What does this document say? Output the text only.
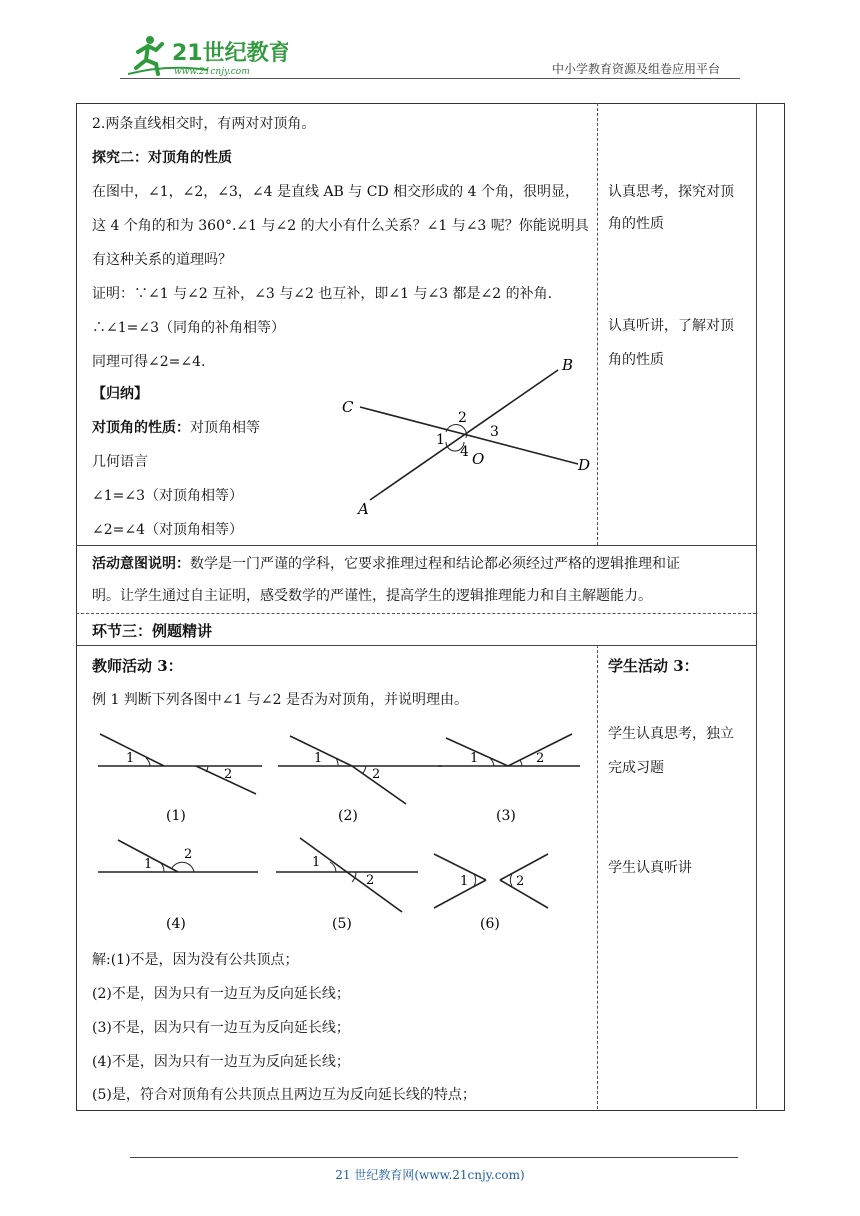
21世纪教育
www.21cnjy.com	中小学教育资源及组卷应用平台
2.两条直线相交时，有两对对顶角。
探究二：对顶角的性质
在图中，∠1，∠2，∠3，∠4 是直线 AB 与 CD 相交形成的 4 个角，很明显，
这 4 个角的和为 360°.∠1 与∠2 的大小有什么关系？∠1 与∠3 呢？你能说明具
有这种关系的道理吗？
证明：∵∠1 与∠2 互补，∠3 与∠2 也互补，即∠1 与∠3 都是∠2 的补角.
∴∠1=∠3（同角的补角相等）
同理可得∠2=∠4.
【归纳】
对顶角的性质：对顶角相等
几何语言
∠1=∠3（对顶角相等）
∠2=∠4（对顶角相等）
A
B
C
D
O
1
2
3
4
认真思考，探究对顶
角的性质
认真听讲，了解对顶
角的性质
活动意图说明：数学是一门严谨的学科，它要求推理过程和结论都必须经过严格的逻辑推理和证
明。让学生通过自主证明，感受数学的严谨性，提高学生的逻辑推理能力和自主解题能力。
环节三：例题精讲
教师活动 3：
例 1 判断下列各图中∠1 与∠2 是否为对顶角，并说明理由。
1
2
(1)
1
2
(2)
1	2
(3)
1
2
(4)
1
2
(5)
1	2
(6)
解:(1)不是，因为没有公共顶点；
(2)不是，因为只有一边互为反向延长线；
(3)不是，因为只有一边互为反向延长线；
(4)不是，因为只有一边互为反向延长线；
(5)是，符合对顶角有公共顶点且两边互为反向延长线的特点；
学生活动 3：
学生认真思考，独立
完成习题
学生认真听讲
21 世纪教育网(www.21cnjy.com)
